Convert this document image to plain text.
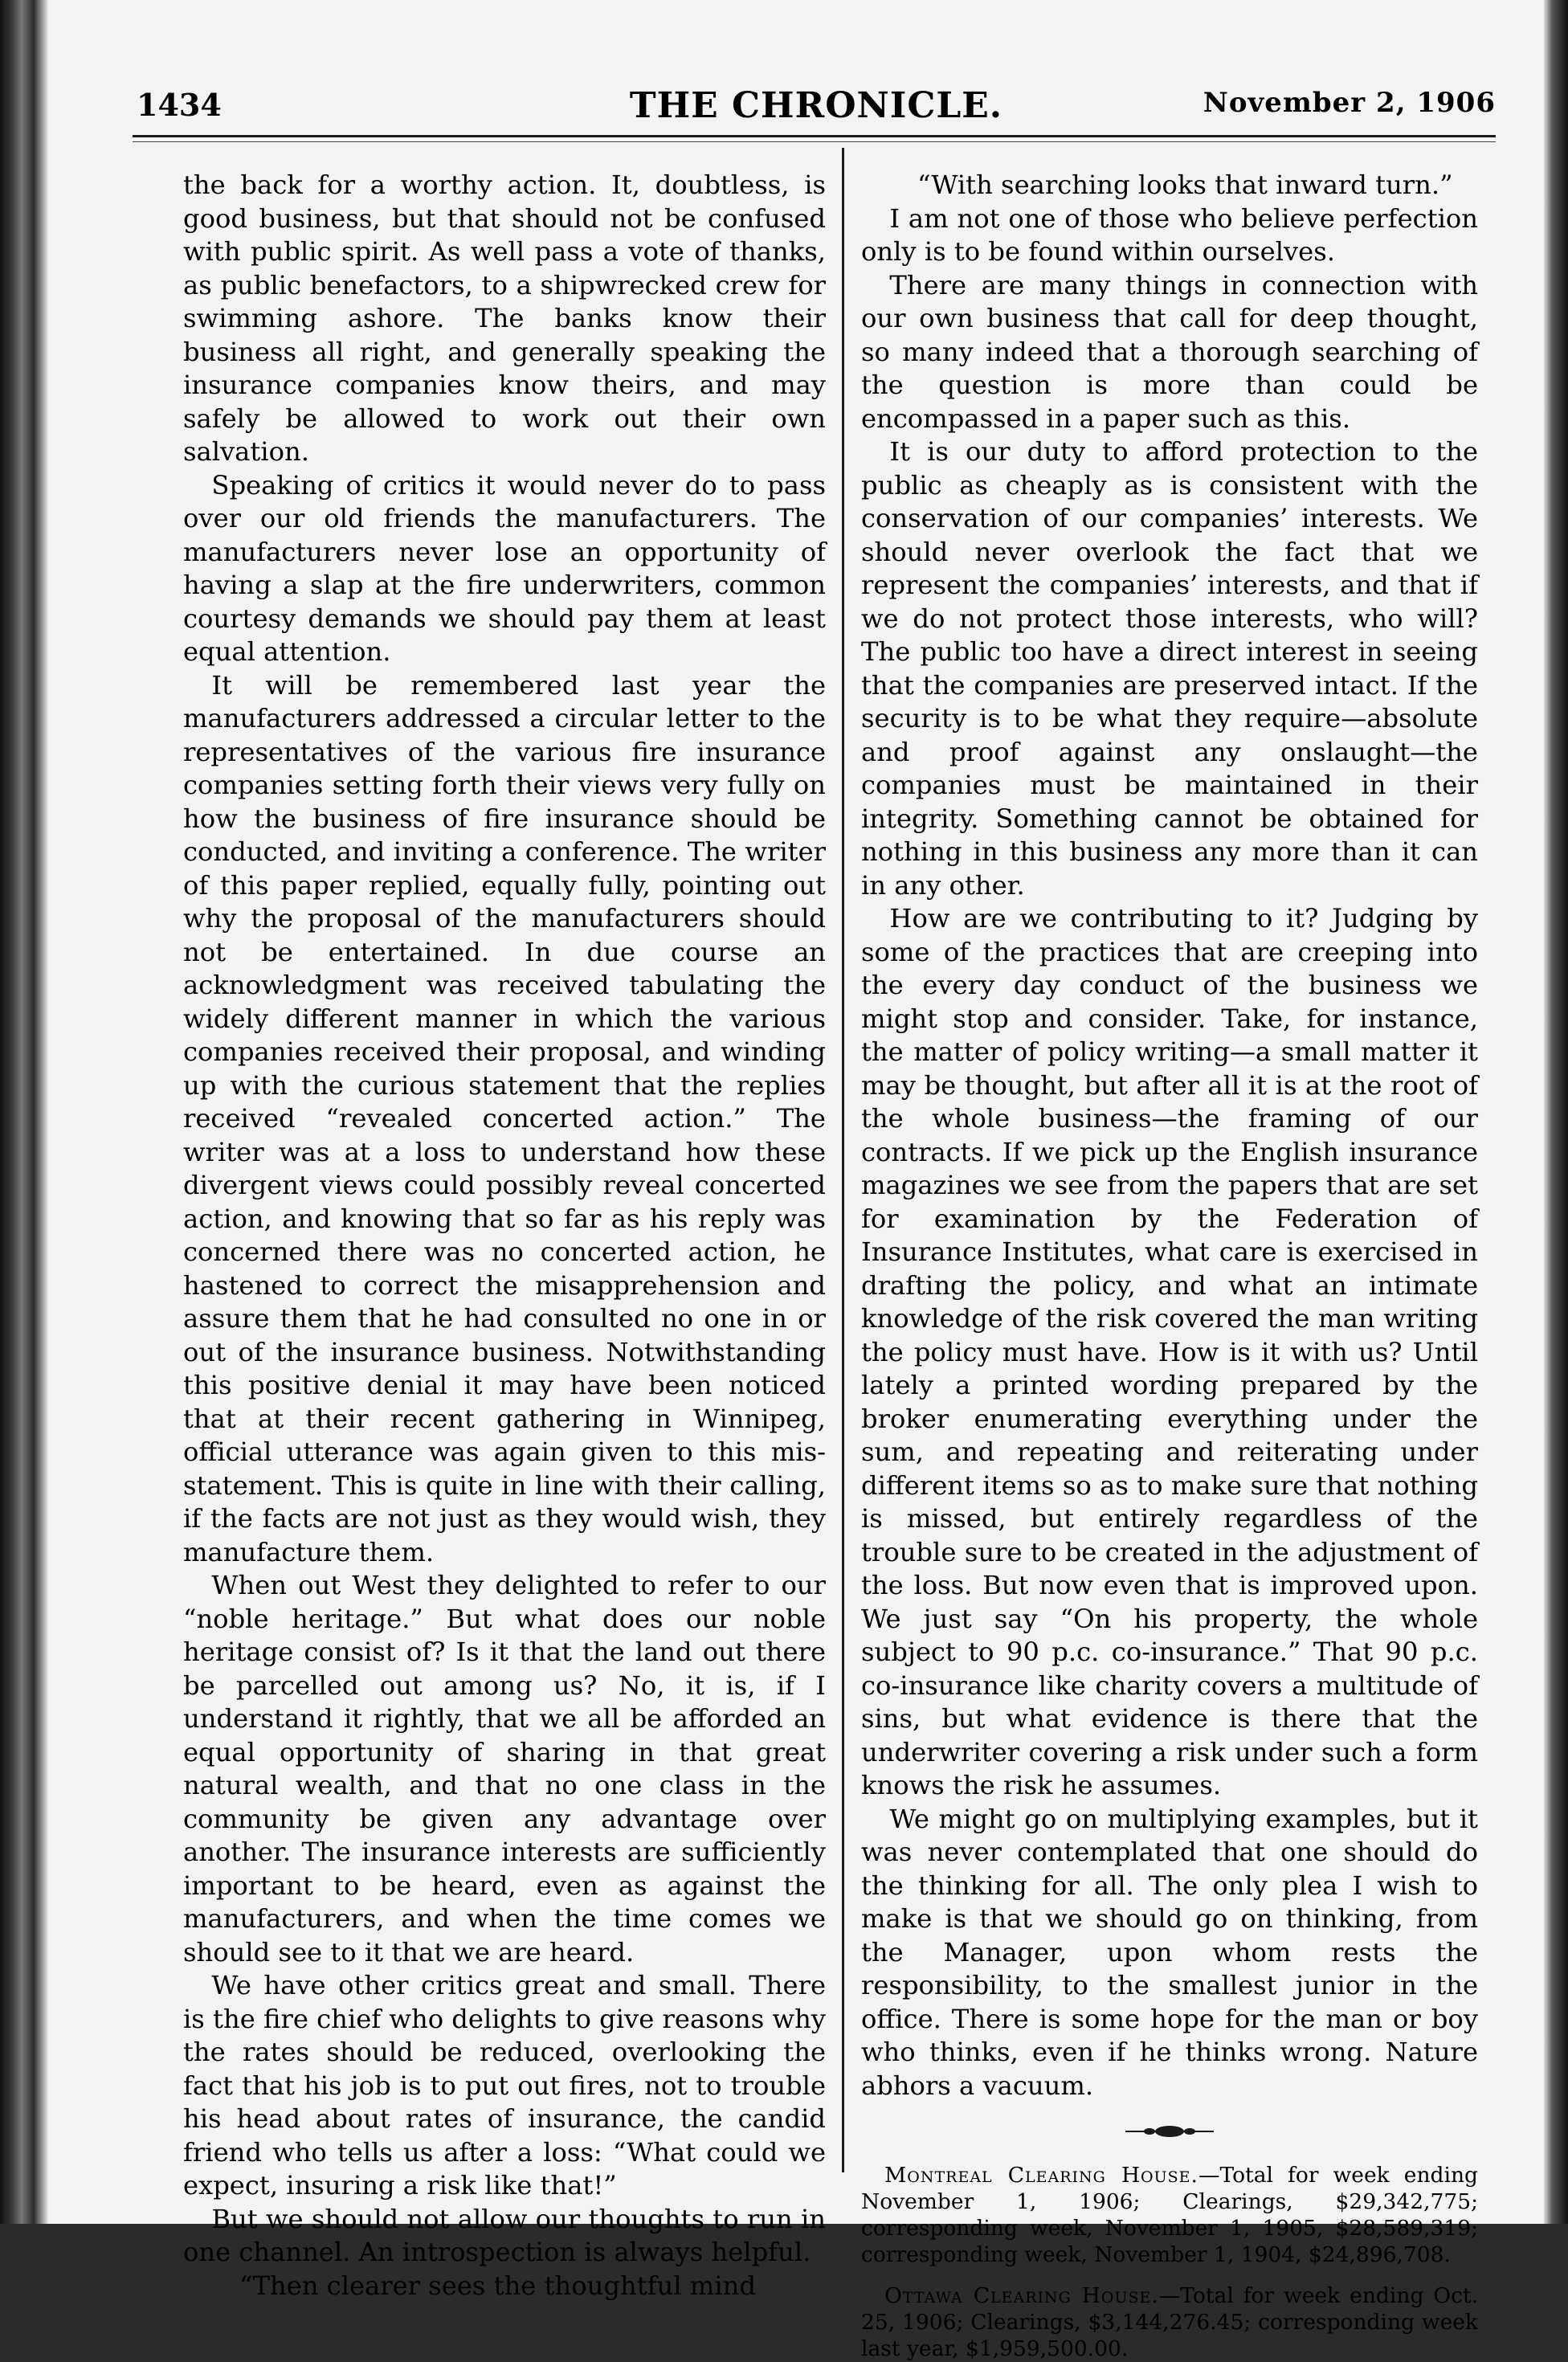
THE CHRONICLE.
1434	November 2, 1906

the back for a worthy action. It, doubtless, is good business, but that should not be confused with public spirit. As well pass a vote of thanks, as public benefactors, to a shipwrecked crew for swimming ashore. The banks know their business all right, and generally speaking the insurance companies know theirs, and may safely be allowed to work out their own salvation.

Speaking of critics it would never do to pass over our old friends the manufacturers. The manufacturers never lose an opportunity of having a slap at the fire underwriters, common courtesy demands we should pay them at least equal attention.

It will be remembered last year the manufacturers addressed a circular letter to the representatives of the various fire insurance companies setting forth their views very fully on how the business of fire insurance should be conducted, and inviting a conference. The writer of this paper replied, equally fully, pointing out why the proposal of the manufacturers should not be entertained. In due course an acknowledgment was received tabulating the widely different manner in which the various companies received their proposal, and winding up with the curious statement that the replies received “revealed concerted action.” The writer was at a loss to understand how these divergent views could possibly reveal concerted action, and knowing that so far as his reply was concerned there was no concerted action, he hastened to correct the misapprehension and assure them that he had consulted no one in or out of the insurance business. Notwithstanding this positive denial it may have been noticed that at their recent gathering in Winnipeg, official utterance was again given to this mis-statement. This is quite in line with their calling, if the facts are not just as they would wish, they manufacture them.

When out West they delighted to refer to our “noble heritage.” But what does our noble heritage consist of? Is it that the land out there be parcelled out among us? No, it is, if I understand it rightly, that we all be afforded an equal opportunity of sharing in that great natural wealth, and that no one class in the community be given any advantage over another. The insurance interests are sufficiently important to be heard, even as against the manufacturers, and when the time comes we should see to it that we are heard.

We have other critics great and small. There is the fire chief who delights to give reasons why the rates should be reduced, overlooking the fact that his job is to put out fires, not to trouble his head about rates of insurance, the candid friend who tells us after a loss: “What could we expect, insuring a risk like that!”

But we should not allow our thoughts to run in one channel. An introspection is always helpful.

“Then clearer sees the thoughtful mind

“With searching looks that inward turn.”

I am not one of those who believe perfection only is to be found within ourselves.

There are many things in connection with our own business that call for deep thought, so many indeed that a thorough searching of the question is more than could be encompassed in a paper such as this.

It is our duty to afford protection to the public as cheaply as is consistent with the conservation of our companies’ interests. We should never overlook the fact that we represent the companies’ interests, and that if we do not protect those interests, who will? The public too have a direct interest in seeing that the companies are preserved intact. If the security is to be what they require—absolute and proof against any onslaught—the companies must be maintained in their integrity. Something cannot be obtained for nothing in this business any more than it can in any other.

How are we contributing to it? Judging by some of the practices that are creeping into the every day conduct of the business we might stop and consider. Take, for instance, the matter of policy writing—a small matter it may be thought, but after all it is at the root of the whole business—the framing of our contracts. If we pick up the English insurance magazines we see from the papers that are set for examination by the Federation of Insurance Institutes, what care is exercised in drafting the policy, and what an intimate knowledge of the risk covered the man writing the policy must have. How is it with us? Until lately a printed wording prepared by the broker enumerating everything under the sum, and repeating and reiterating under different items so as to make sure that nothing is missed, but entirely regardless of the trouble sure to be created in the adjustment of the loss. But now even that is improved upon. We just say “On his property, the whole subject to 90 p.c. co-insurance.” That 90 p.c. co-insurance like charity covers a multitude of sins, but what evidence is there that the underwriter covering a risk under such a form knows the risk he assumes.

We might go on multiplying examples, but it was never contemplated that one should do the thinking for all. The only plea I wish to make is that we should go on thinking, from the Manager, upon whom rests the responsibility, to the smallest junior in the office. There is some hope for the man or boy who thinks, even if he thinks wrong. Nature abhors a vacuum.

Montreal Clearing House.—Total for week ending November 1, 1906; Clearings, $29,342,775; corresponding week, November 1, 1905, $28,589,319; corresponding week, November 1, 1904, $24,896,708.

Ottawa Clearing House.—Total for week ending Oct. 25, 1906; Clearings, $3,144,276.45; corresponding week last year, $1,959,500.00.
